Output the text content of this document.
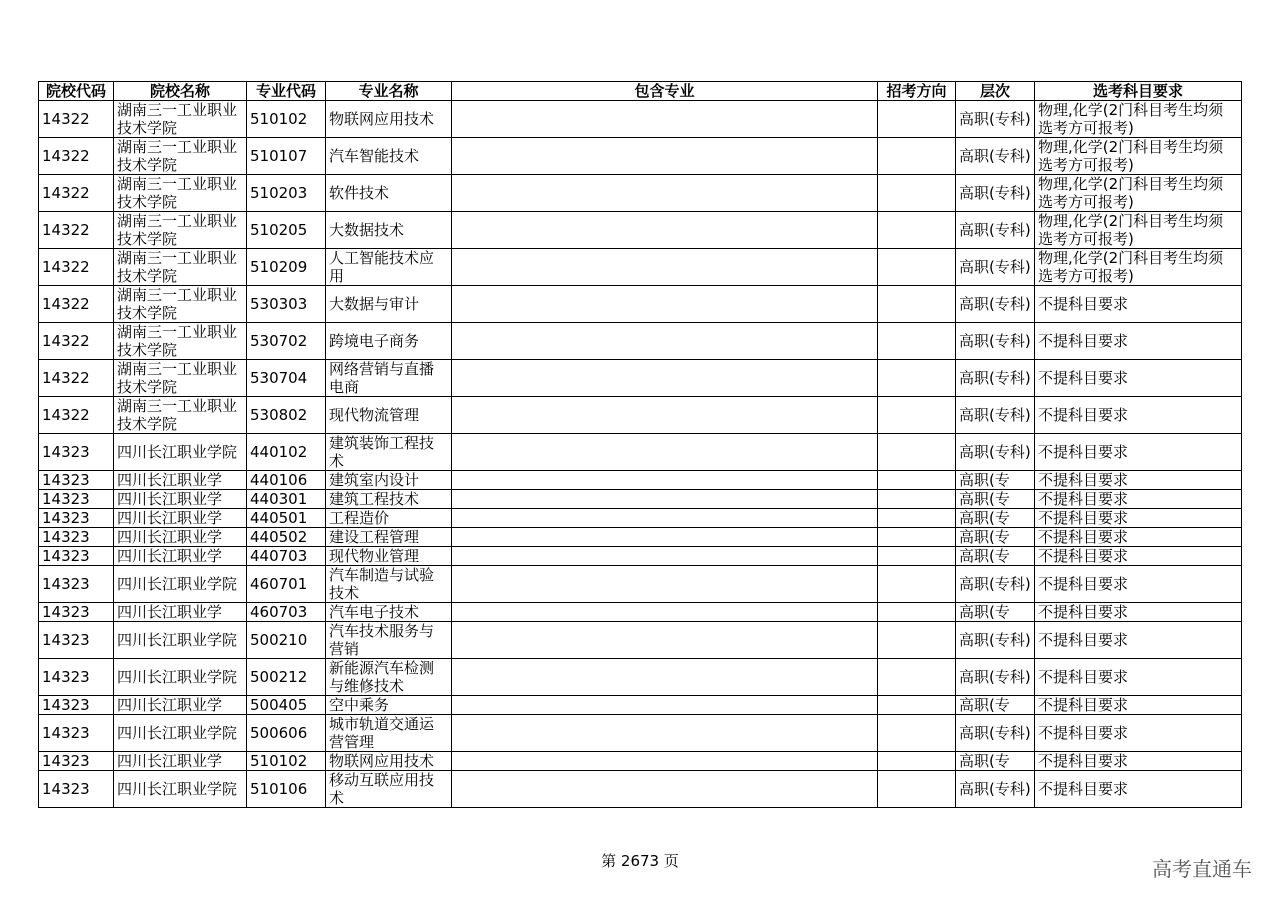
院校代码	院校名称	专业代码	专业名称	包含专业	招考方向	层次	选考科目要求
14322	湖南三一工业职业技术学院	510102	物联网应用技术			高职(专科)	物理,化学(2门科目考生均须选考方可报考)
14322	湖南三一工业职业技术学院	510107	汽车智能技术			高职(专科)	物理,化学(2门科目考生均须选考方可报考)
14322	湖南三一工业职业技术学院	510203	软件技术			高职(专科)	物理,化学(2门科目考生均须选考方可报考)
14322	湖南三一工业职业技术学院	510205	大数据技术			高职(专科)	物理,化学(2门科目考生均须选考方可报考)
14322	湖南三一工业职业技术学院	510209	人工智能技术应用			高职(专科)	物理,化学(2门科目考生均须选考方可报考)
14322	湖南三一工业职业技术学院	530303	大数据与审计			高职(专科)	不提科目要求
14322	湖南三一工业职业技术学院	530702	跨境电子商务			高职(专科)	不提科目要求
14322	湖南三一工业职业技术学院	530704	网络营销与直播电商			高职(专科)	不提科目要求
14322	湖南三一工业职业技术学院	530802	现代物流管理			高职(专科)	不提科目要求
14323	四川长江职业学院	440102	建筑装饰工程技术			高职(专科)	不提科目要求
14323	四川长江职业学	440106	建筑室内设计			高职(专	不提科目要求
14323	四川长江职业学	440301	建筑工程技术			高职(专	不提科目要求
14323	四川长江职业学	440501	工程造价			高职(专	不提科目要求
14323	四川长江职业学	440502	建设工程管理			高职(专	不提科目要求
14323	四川长江职业学	440703	现代物业管理			高职(专	不提科目要求
14323	四川长江职业学院	460701	汽车制造与试验技术			高职(专科)	不提科目要求
14323	四川长江职业学	460703	汽车电子技术			高职(专	不提科目要求
14323	四川长江职业学院	500210	汽车技术服务与营销			高职(专科)	不提科目要求
14323	四川长江职业学院	500212	新能源汽车检测与维修技术			高职(专科)	不提科目要求
14323	四川长江职业学	500405	空中乘务			高职(专	不提科目要求
14323	四川长江职业学院	500606	城市轨道交通运营管理			高职(专科)	不提科目要求
14323	四川长江职业学	510102	物联网应用技术			高职(专	不提科目要求
14323	四川长江职业学院	510106	移动互联应用技术			高职(专科)	不提科目要求
第 2673 页	高考直通车
